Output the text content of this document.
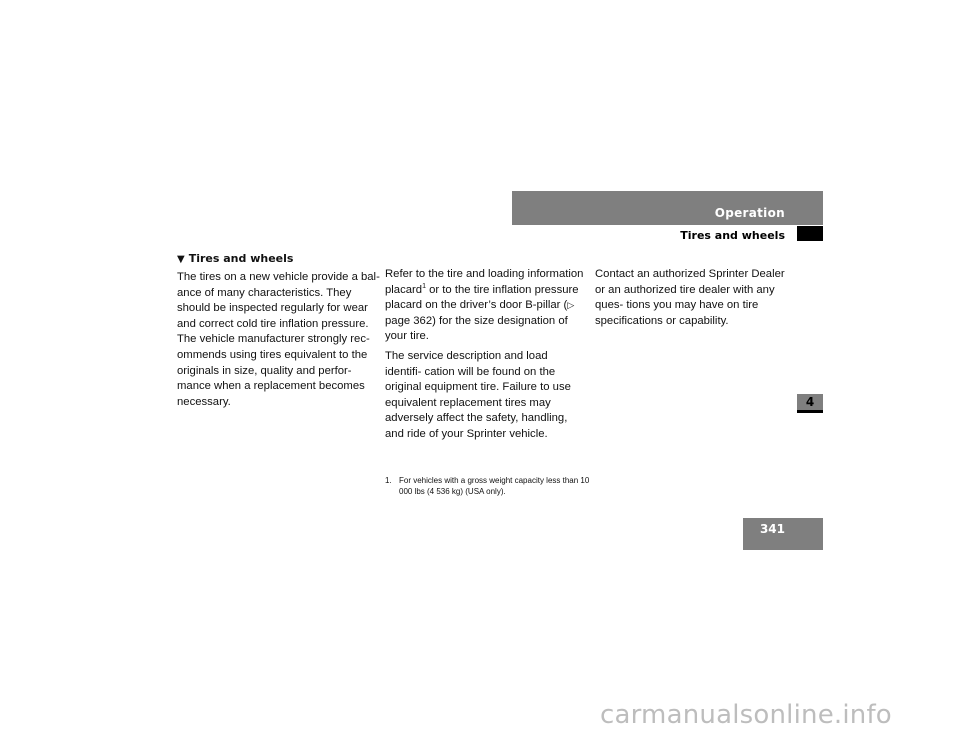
Operation
Tires and wheels
4
341
▼ Tires and wheels

The tires on a new vehicle provide a bal- ance of many characteristics. They should be inspected regularly for wear and correct cold tire inflation pressure. The vehicle manufacturer strongly rec- ommends using tires equivalent to the originals in size, quality and perfor- mance when a replacement becomes necessary.

Refer to the tire and loading information placard$^1$ or to the tire inflation pressure placard on the driver’s door B-pillar (▷ page 362) for the size designation of your tire.

The service description and load identifi- cation will be found on the original equipment tire. Failure to use equivalent replacement tires may adversely affect the safety, handling, and ride of your Sprinter vehicle.

Contact an authorized Sprinter Dealer or an authorized tire dealer with any ques- tions you may have on tire specifications or capability.

1. For vehicles with a gross weight capacity less than 10 000 lbs (4 536 kg) (USA only).
carmanualsonline.info
